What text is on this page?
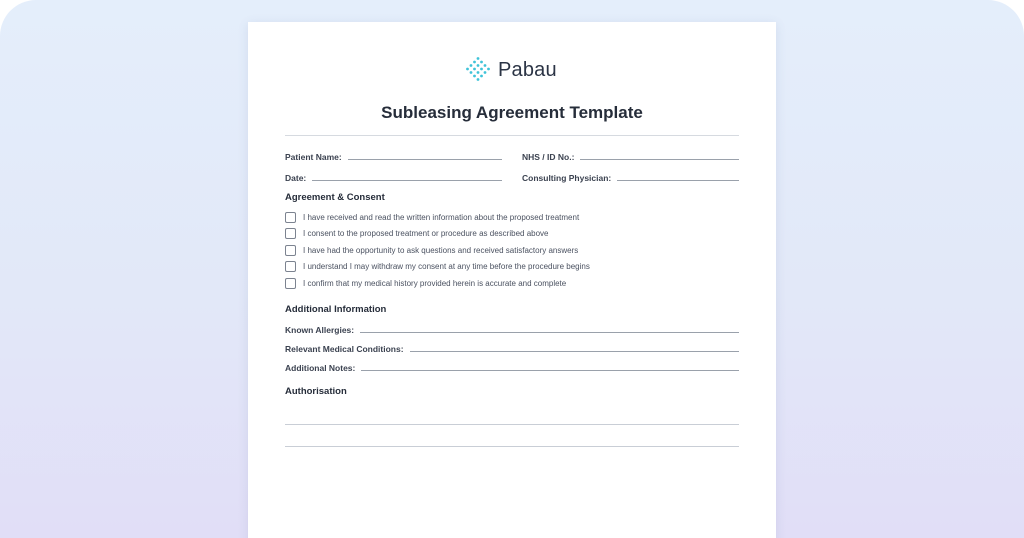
Pabau
Subleasing Agreement Template
Patient Name:	NHS / ID No.:
Date:	Consulting Physician:
Agreement & Consent
I have received and read the written information about the proposed treatment
I consent to the proposed treatment or procedure as described above
I have had the opportunity to ask questions and received satisfactory answers
I understand I may withdraw my consent at any time before the procedure begins
I confirm that my medical history provided herein is accurate and complete
Additional Information
Known Allergies:
Relevant Medical Conditions:
Additional Notes:
Authorisation
